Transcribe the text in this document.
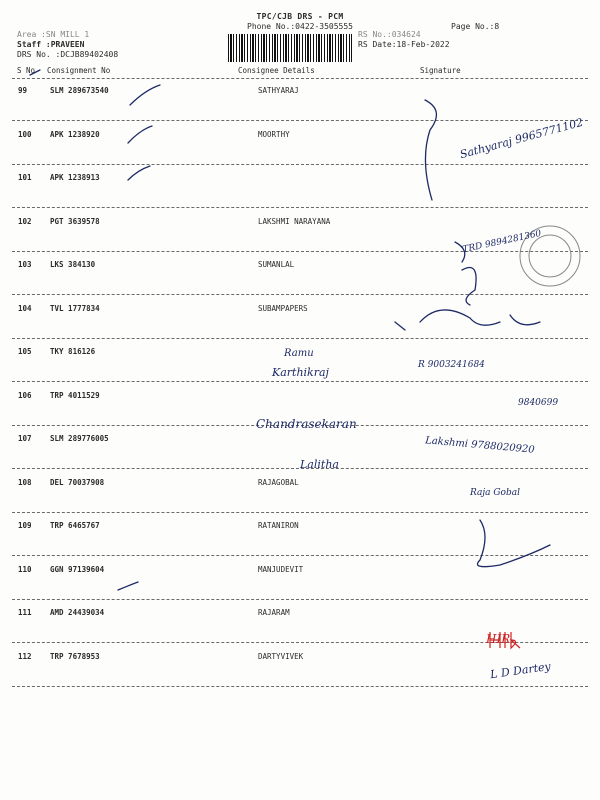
TPC/CJB DRS - PCM
Phone No.:0422-3505555	Page No.:8
Area :SN MILL 1
Staff :PRAVEEN
DRS No. :DCJB89402408
RS No.:034624
RS Date:18-Feb-2022
S No Consignment No	Consignee Details	Signature
99	SLM 289673540	SATHYARAJ
100 APK 1238920	MOORTHY
101 APK 1238913
102 PGT 3639578	LAKSHMI NARAYANA
103 LKS 384130	SUMANLAL
104 TVL 1777834	SUBAMPAPERS
105 TKY 816126
106 TRP 4011529
107 SLM 289776005
108 DEL 70037908	RAJAGOBAL
109 TRP 6465767	RATANIRON
110 GGN 97139604	MANJUDEVIT
111 AMD 24439034	RAJARAM
112 TRP 7678953	DARTYVIVEK
Sathyaraj 9965771102
TRD 9894281360
Ramu
Karthikraj
R 9003241684
9840699
Chandrasekaran
Lalitha
Lakshmi 9788020920
Raja Gobal
HIR
L D Dartey
